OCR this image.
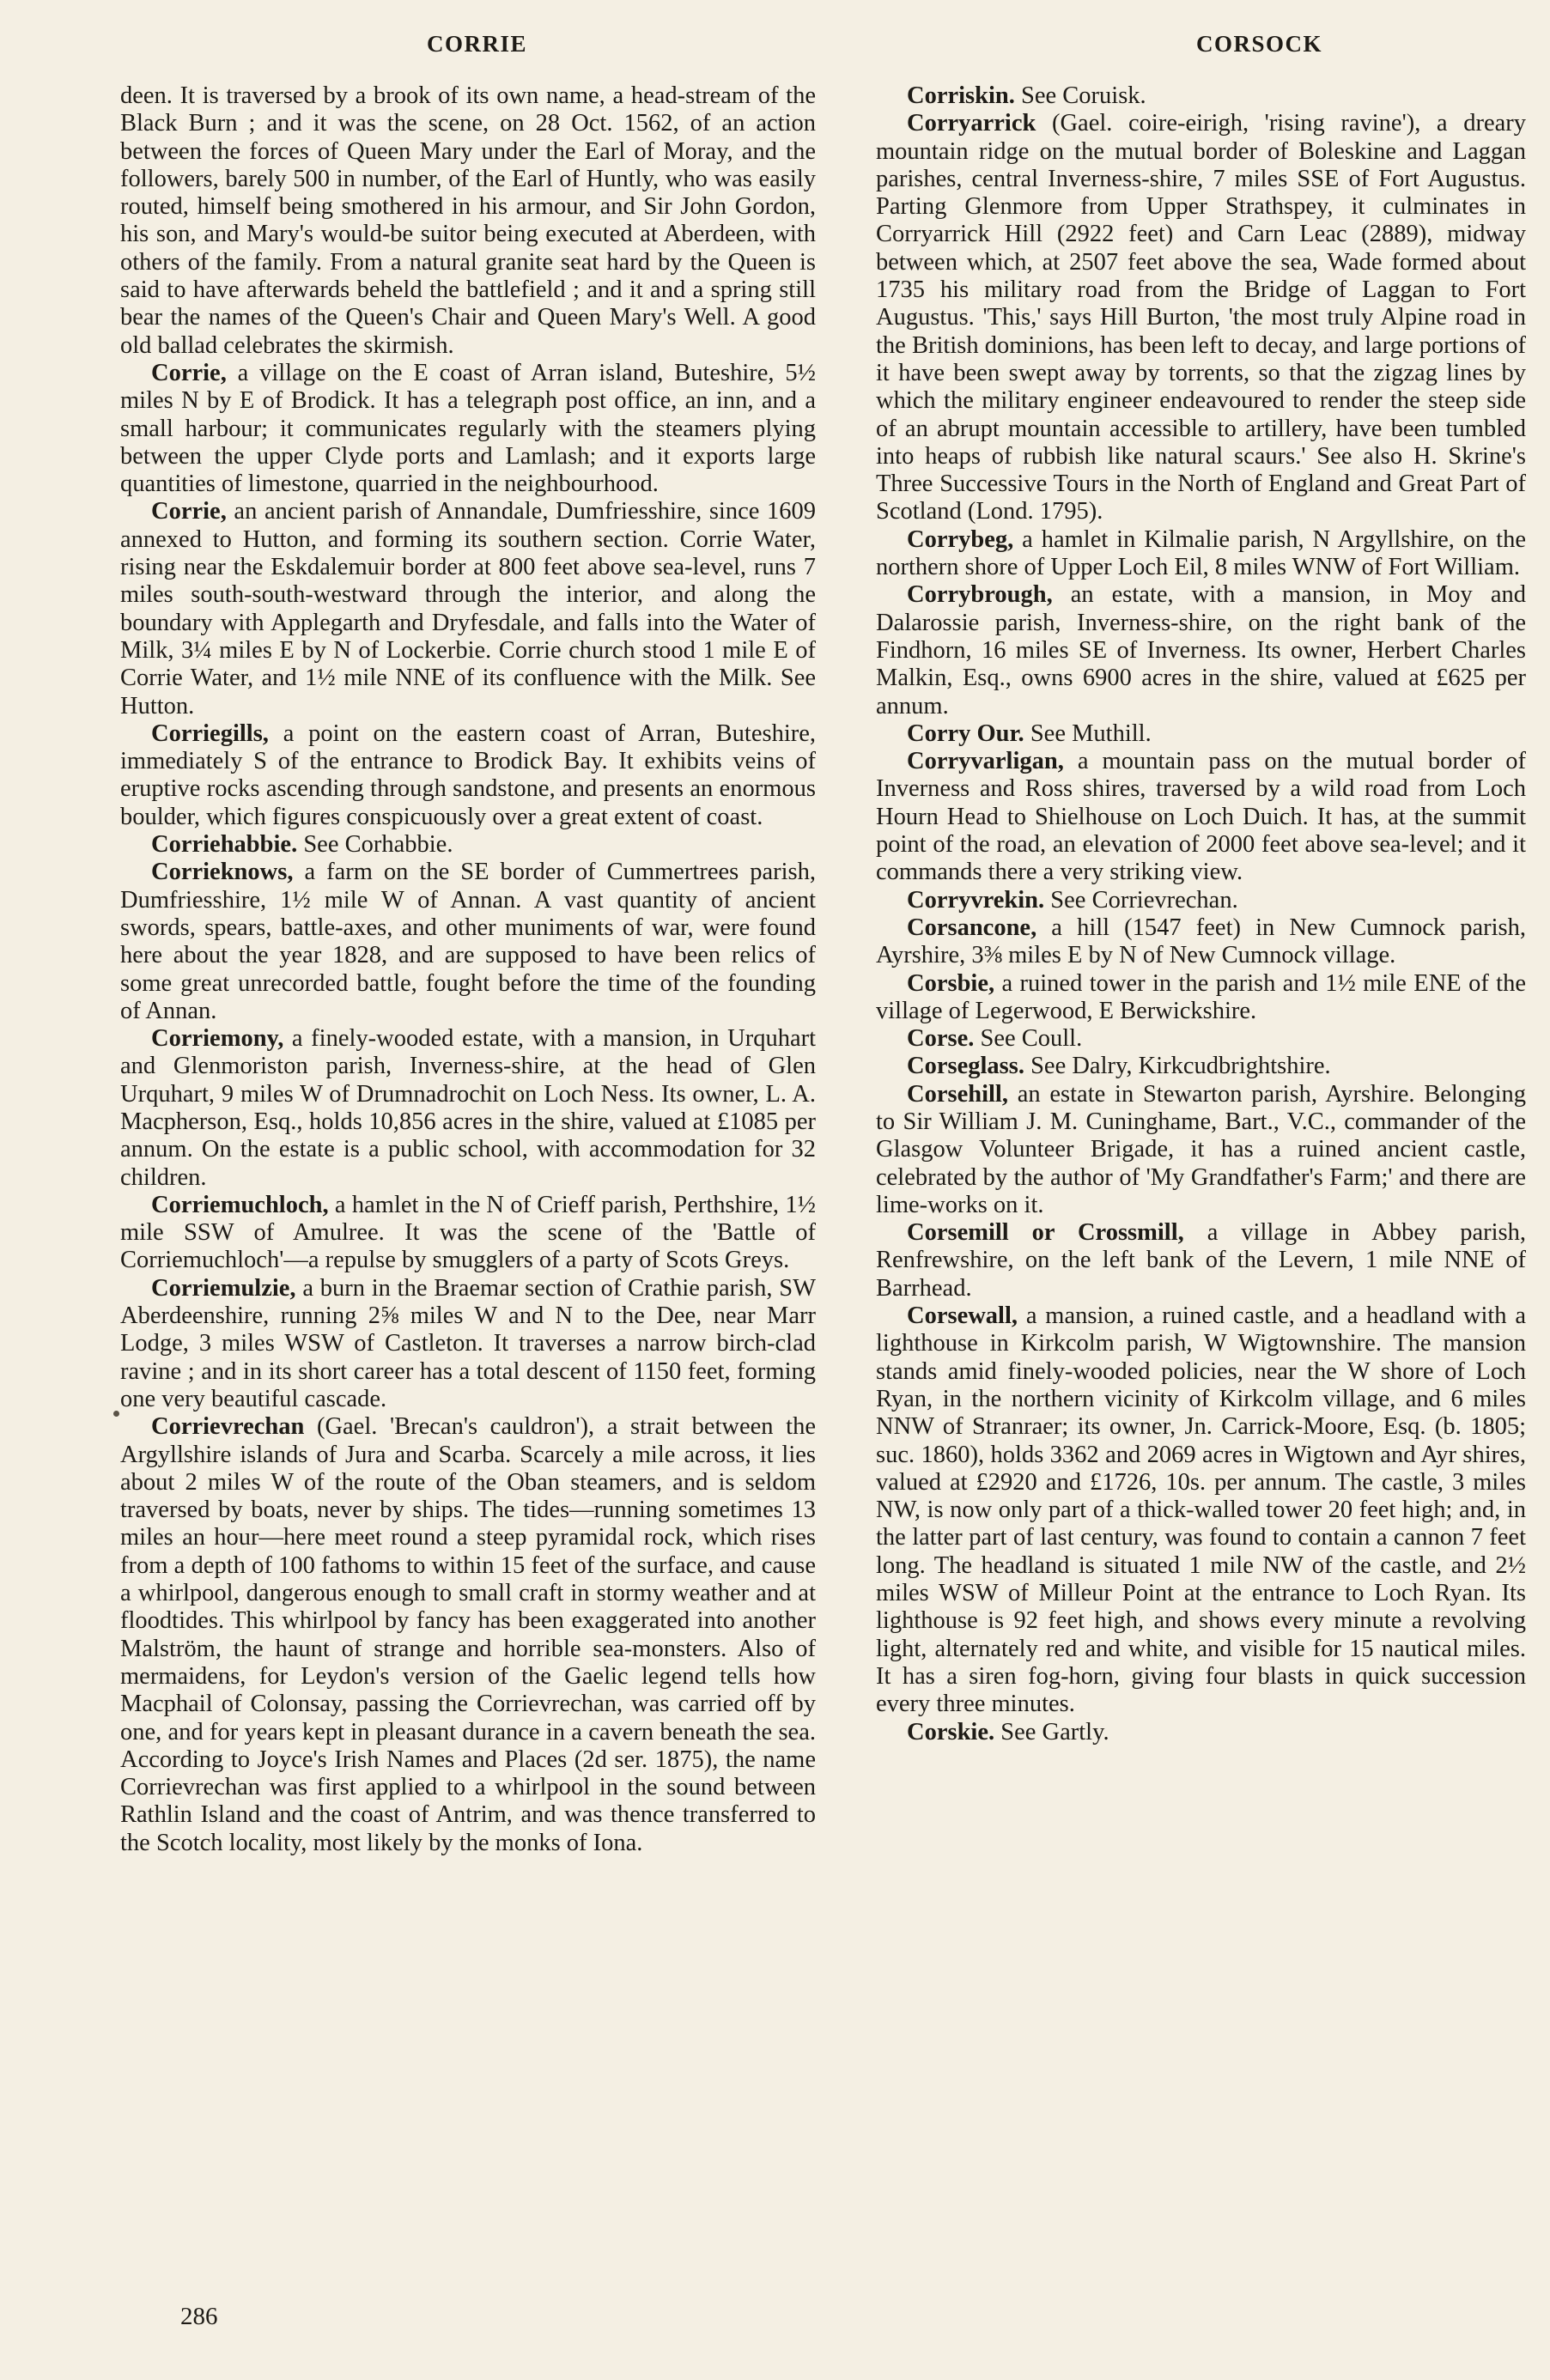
CORRIE	CORSOCK

deen. It is traversed by a brook of its own name, a head-stream of the Black Burn ; and it was the scene, on 28 Oct. 1562, of an action between the forces of Queen Mary under the Earl of Moray, and the followers, barely 500 in number, of the Earl of Huntly, who was easily routed, himself being smothered in his armour, and Sir John Gordon, his son, and Mary's would-be suitor being executed at Aberdeen, with others of the family. From a natural granite seat hard by the Queen is said to have afterwards beheld the battlefield ; and it and a spring still bear the names of the Queen's Chair and Queen Mary's Well. A good old ballad celebrates the skirmish.

Corrie, a village on the E coast of Arran island, Buteshire, 5½ miles N by E of Brodick. It has a telegraph post office, an inn, and a small harbour; it communicates regularly with the steamers plying between the upper Clyde ports and Lamlash; and it exports large quantities of limestone, quarried in the neighbourhood.

Corrie, an ancient parish of Annandale, Dumfriesshire, since 1609 annexed to Hutton, and forming its southern section. Corrie Water, rising near the Eskdalemuir border at 800 feet above sea-level, runs 7 miles south-south-westward through the interior, and along the boundary with Applegarth and Dryfesdale, and falls into the Water of Milk, 3¼ miles E by N of Lockerbie. Corrie church stood 1 mile E of Corrie Water, and 1½ mile NNE of its confluence with the Milk. See Hutton.

Corriegills, a point on the eastern coast of Arran, Buteshire, immediately S of the entrance to Brodick Bay. It exhibits veins of eruptive rocks ascending through sandstone, and presents an enormous boulder, which figures conspicuously over a great extent of coast.

Corriehabbie. See Corhabbie.

Corrieknows, a farm on the SE border of Cummertrees parish, Dumfriesshire, 1½ mile W of Annan. A vast quantity of ancient swords, spears, battle-axes, and other muniments of war, were found here about the year 1828, and are supposed to have been relics of some great unrecorded battle, fought before the time of the founding of Annan.

Corriemony, a finely-wooded estate, with a mansion, in Urquhart and Glenmoriston parish, Inverness-shire, at the head of Glen Urquhart, 9 miles W of Drumnadrochit on Loch Ness. Its owner, L. A. Macpherson, Esq., holds 10,856 acres in the shire, valued at £1085 per annum. On the estate is a public school, with accommodation for 32 children.

Corriemuchloch, a hamlet in the N of Crieff parish, Perthshire, 1½ mile SSW of Amulree. It was the scene of the 'Battle of Corriemuchloch'—a repulse by smugglers of a party of Scots Greys.

Corriemulzie, a burn in the Braemar section of Crathie parish, SW Aberdeenshire, running 2⅝ miles W and N to the Dee, near Marr Lodge, 3 miles WSW of Castleton. It traverses a narrow birch-clad ravine ; and in its short career has a total descent of 1150 feet, forming one very beautiful cascade.

Corrievrechan (Gael. 'Brecan's cauldron'), a strait between the Argyllshire islands of Jura and Scarba. Scarcely a mile across, it lies about 2 miles W of the route of the Oban steamers, and is seldom traversed by boats, never by ships. The tides—running sometimes 13 miles an hour—here meet round a steep pyramidal rock, which rises from a depth of 100 fathoms to within 15 feet of the surface, and cause a whirlpool, dangerous enough to small craft in stormy weather and at floodtides. This whirlpool by fancy has been exaggerated into another Malström, the haunt of strange and horrible sea-monsters. Also of mermaidens, for Leydon's version of the Gaelic legend tells how Macphail of Colonsay, passing the Corrievrechan, was carried off by one, and for years kept in pleasant durance in a cavern beneath the sea. According to Joyce's Irish Names and Places (2d ser. 1875), the name Corrievrechan was first applied to a whirlpool in the sound between Rathlin Island and the coast of Antrim, and was thence transferred to the Scotch locality, most likely by the monks of Iona.

Corriskin. See Coruisk.

Corryarrick (Gael. coire-eirigh, 'rising ravine'), a dreary mountain ridge on the mutual border of Boleskine and Laggan parishes, central Inverness-shire, 7 miles SSE of Fort Augustus. Parting Glenmore from Upper Strathspey, it culminates in Corryarrick Hill (2922 feet) and Carn Leac (2889), midway between which, at 2507 feet above the sea, Wade formed about 1735 his military road from the Bridge of Laggan to Fort Augustus. 'This,' says Hill Burton, 'the most truly Alpine road in the British dominions, has been left to decay, and large portions of it have been swept away by torrents, so that the zigzag lines by which the military engineer endeavoured to render the steep side of an abrupt mountain accessible to artillery, have been tumbled into heaps of rubbish like natural scaurs.' See also H. Skrine's Three Successive Tours in the North of England and Great Part of Scotland (Lond. 1795).

Corrybeg, a hamlet in Kilmalie parish, N Argyllshire, on the northern shore of Upper Loch Eil, 8 miles WNW of Fort William.

Corrybrough, an estate, with a mansion, in Moy and Dalarossie parish, Inverness-shire, on the right bank of the Findhorn, 16 miles SE of Inverness. Its owner, Herbert Charles Malkin, Esq., owns 6900 acres in the shire, valued at £625 per annum.

Corry Our. See Muthill.

Corryvarligan, a mountain pass on the mutual border of Inverness and Ross shires, traversed by a wild road from Loch Hourn Head to Shielhouse on Loch Duich. It has, at the summit point of the road, an elevation of 2000 feet above sea-level; and it commands there a very striking view.

Corryvrekin. See Corrievrechan.

Corsancone, a hill (1547 feet) in New Cumnock parish, Ayrshire, 3⅜ miles E by N of New Cumnock village.

Corsbie, a ruined tower in the parish and 1½ mile ENE of the village of Legerwood, E Berwickshire.

Corse. See Coull.

Corseglass. See Dalry, Kirkcudbrightshire.

Corsehill, an estate in Stewarton parish, Ayrshire. Belonging to Sir William J. M. Cuninghame, Bart., V.C., commander of the Glasgow Volunteer Brigade, it has a ruined ancient castle, celebrated by the author of 'My Grandfather's Farm;' and there are lime-works on it.

Corsemill or Crossmill, a village in Abbey parish, Renfrewshire, on the left bank of the Levern, 1 mile NNE of Barrhead.

Corsewall, a mansion, a ruined castle, and a headland with a lighthouse in Kirkcolm parish, W Wigtownshire. The mansion stands amid finely-wooded policies, near the W shore of Loch Ryan, in the northern vicinity of Kirkcolm village, and 6 miles NNW of Stranraer; its owner, Jn. Carrick-Moore, Esq. (b. 1805; suc. 1860), holds 3362 and 2069 acres in Wigtown and Ayr shires, valued at £2920 and £1726, 10s. per annum. The castle, 3 miles NW, is now only part of a thick-walled tower 20 feet high; and, in the latter part of last century, was found to contain a cannon 7 feet long. The headland is situated 1 mile NW of the castle, and 2½ miles WSW of Milleur Point at the entrance to Loch Ryan. Its lighthouse is 92 feet high, and shows every minute a revolving light, alternately red and white, and visible for 15 nautical miles. It has a siren fog-horn, giving four blasts in quick succession every three minutes.

Corskie. See Gartly.

286
